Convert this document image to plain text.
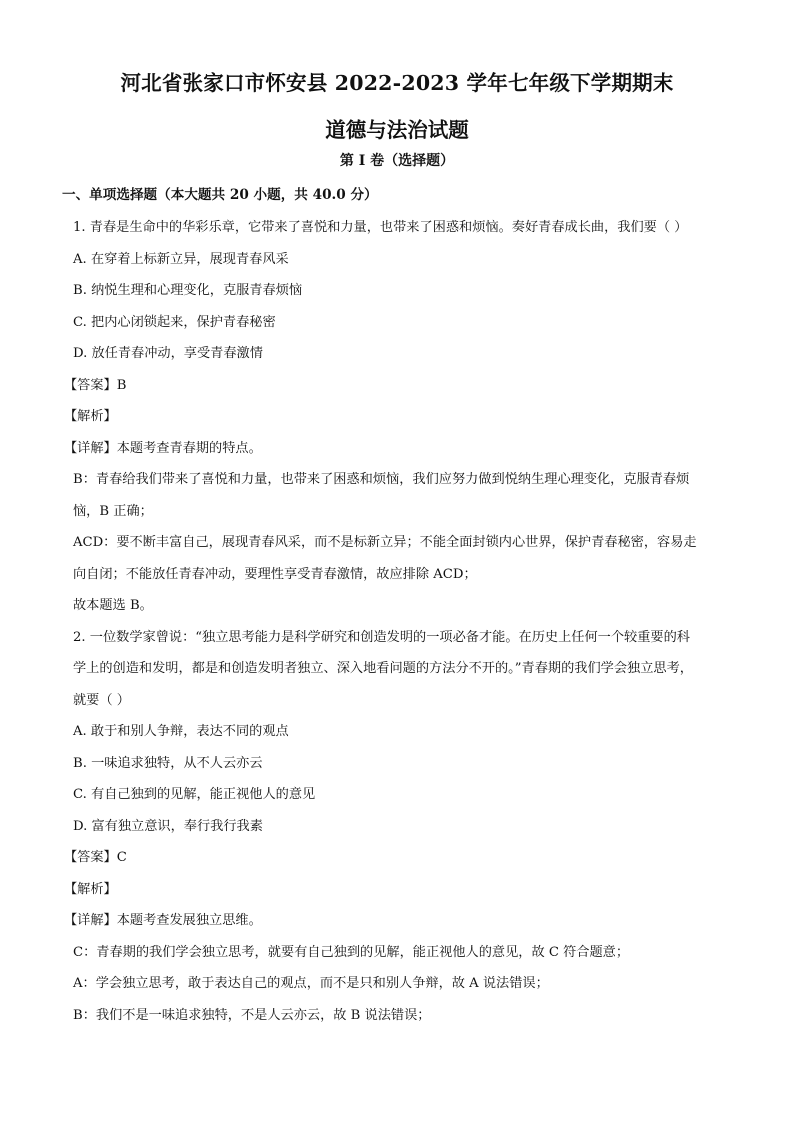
河北省张家口市怀安县 2022-2023 学年七年级下学期期末
道德与法治试题
第 I 卷（选择题）
一、单项选择题（本大题共 20 小题，共 40.0 分）
1. 青春是生命中的华彩乐章，它带来了喜悦和力量，也带来了困惑和烦恼。奏好青春成长曲，我们要（ ）
A. 在穿着上标新立异，展现青春风采
B. 纳悦生理和心理变化，克服青春烦恼
C. 把内心闭锁起来，保护青春秘密
D. 放任青春冲动，享受青春激情
【答案】B
【解析】
【详解】本题考查青春期的特点。
B：青春给我们带来了喜悦和力量，也带来了困惑和烦恼，我们应努力做到悦纳生理心理变化，克服青春烦
恼，B 正确；
ACD：要不断丰富自己，展现青春风采，而不是标新立异；不能全面封锁内心世界，保护青春秘密，容易走
向自闭；不能放任青春冲动，要理性享受青春激情，故应排除 ACD；
故本题选 B。
2. 一位数学家曾说：“独立思考能力是科学研究和创造发明的一项必备才能。在历史上任何一个较重要的科
学上的创造和发明，都是和创造发明者独立、深入地看问题的方法分不开的。”青春期的我们学会独立思考，
就要（ ）
A. 敢于和别人争辩，表达不同的观点
B. 一味追求独特，从不人云亦云
C. 有自己独到的见解，能正视他人的意见
D. 富有独立意识，奉行我行我素
【答案】C
【解析】
【详解】本题考查发展独立思维。
C：青春期的我们学会独立思考，就要有自己独到的见解，能正视他人的意见，故 C 符合题意；
A：学会独立思考，敢于表达自己的观点，而不是只和别人争辩，故 A 说法错误；
B：我们不是一味追求独特，不是人云亦云，故 B 说法错误；
